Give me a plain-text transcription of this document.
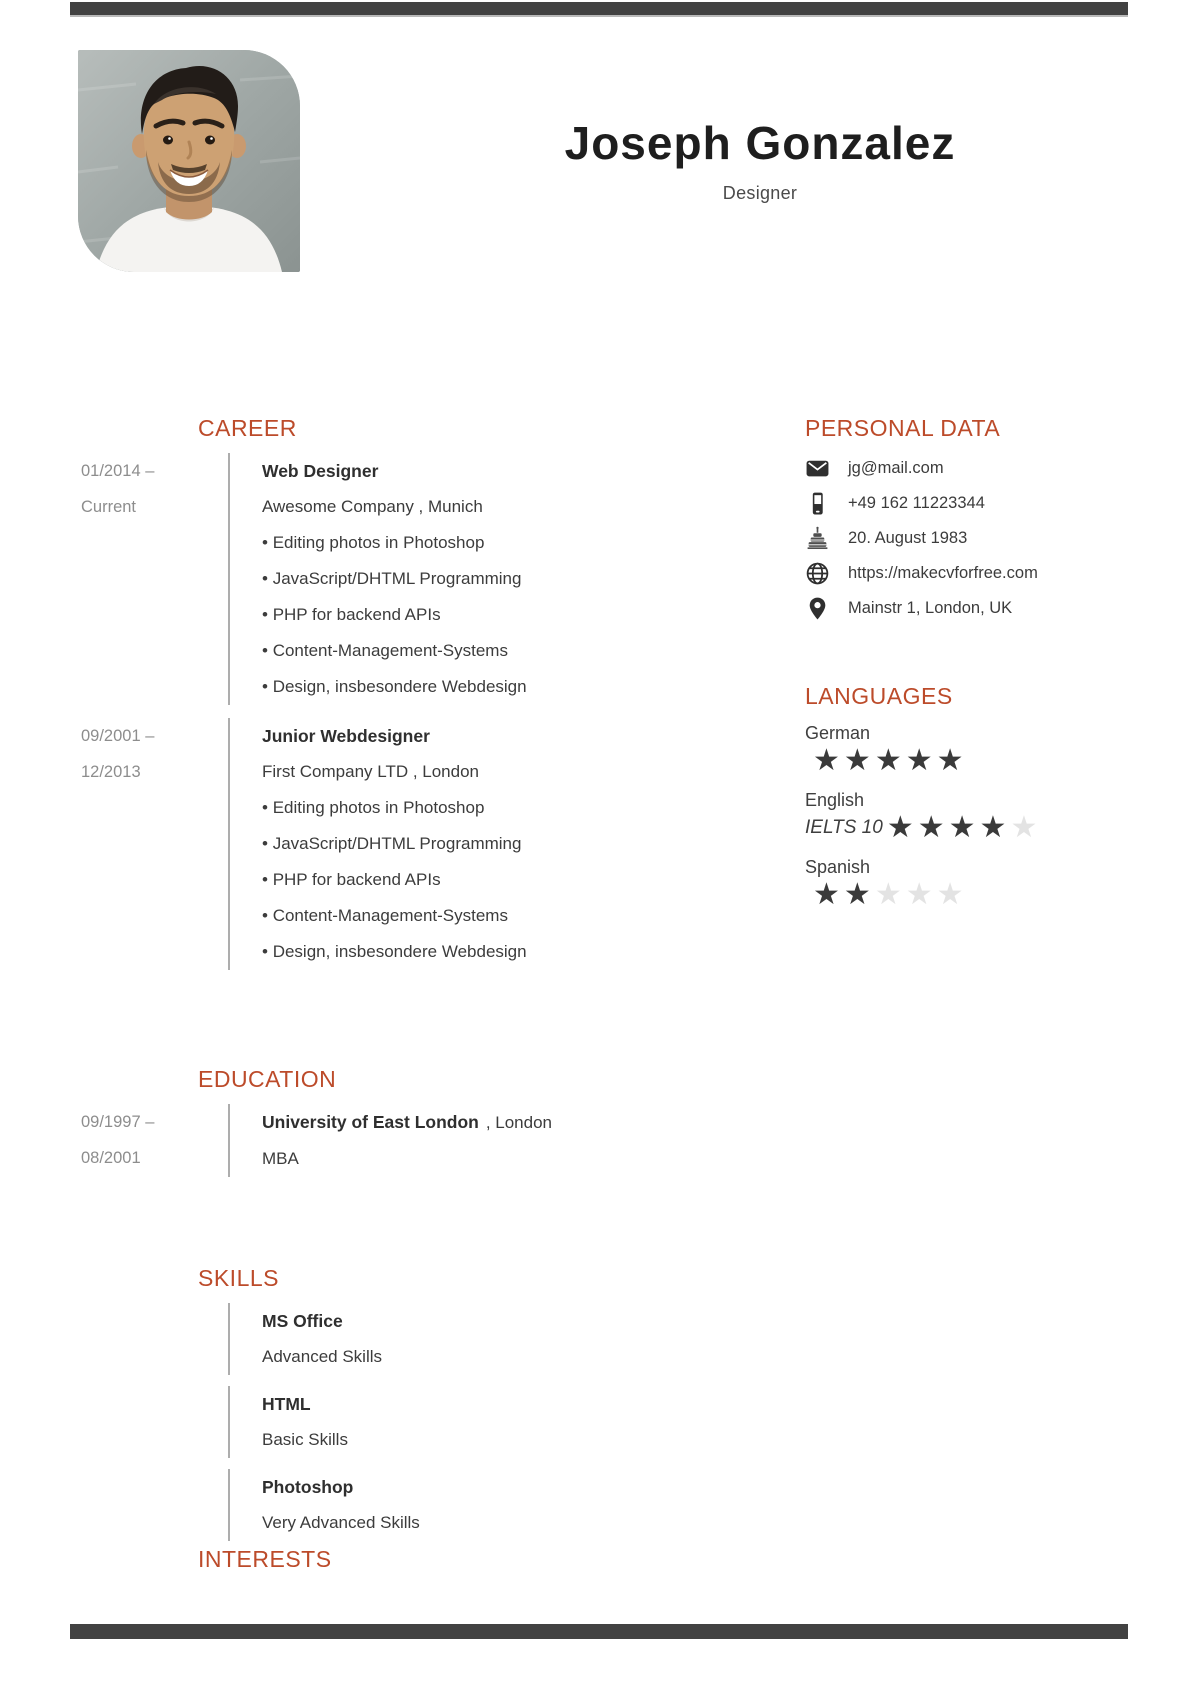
Joseph Gonzalez
Designer
CAREER
01/2014 –
Current
Web Designer
Awesome Company , Munich
• Editing photos in Photoshop
• JavaScript/DHTML Programming
• PHP for backend APIs
• Content-Management-Systems
• Design, insbesondere Webdesign
09/2001 –
12/2013
Junior Webdesigner
First Company LTD , London
• Editing photos in Photoshop
• JavaScript/DHTML Programming
• PHP for backend APIs
• Content-Management-Systems
• Design, insbesondere Webdesign
PERSONAL DATA
jg@mail.com
+49 162 11223344
20. August 1983
https://makecvforfree.com
Mainstr 1, London, UK
LANGUAGES
German
★★★★★
English
IELTS 10 ★★★★★
Spanish
★★★★★
EDUCATION
09/1997 –
08/2001
University of East London , London
MBA
SKILLS
MS Office
Advanced Skills
HTML
Basic Skills
Photoshop
Very Advanced Skills
INTERESTS
